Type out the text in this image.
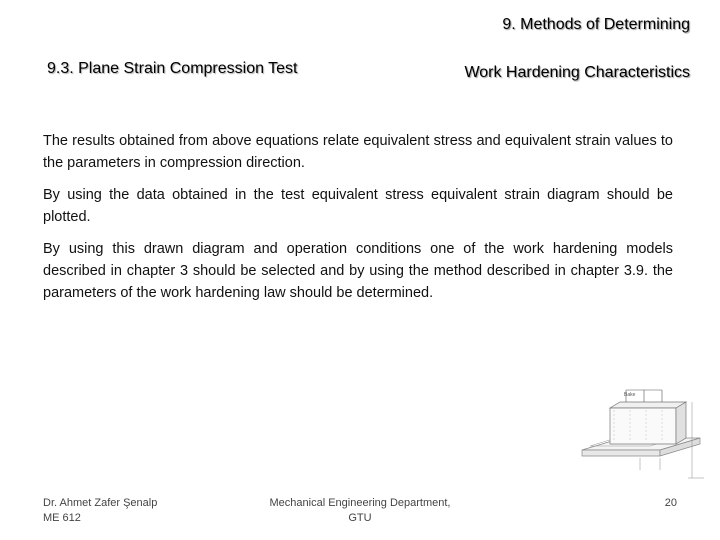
9. Methods of Determining
9.3. Plane Strain Compression Test	Work Hardening Characteristics
The results obtained from above equations relate equivalent stress and equivalent strain values to the parameters in compression direction.
By using the data obtained in the test equivalent stress equivalent strain diagram should be plotted.
By using this drawn diagram and operation conditions one of the work hardening models described in chapter 3 should be selected and by using the method described in chapter 3.9. the parameters of the work hardening law should be determined.
Bake
Dr. Ahmet Zafer Şenalp
ME 612
Mechanical Engineering Department,
GTU
20
